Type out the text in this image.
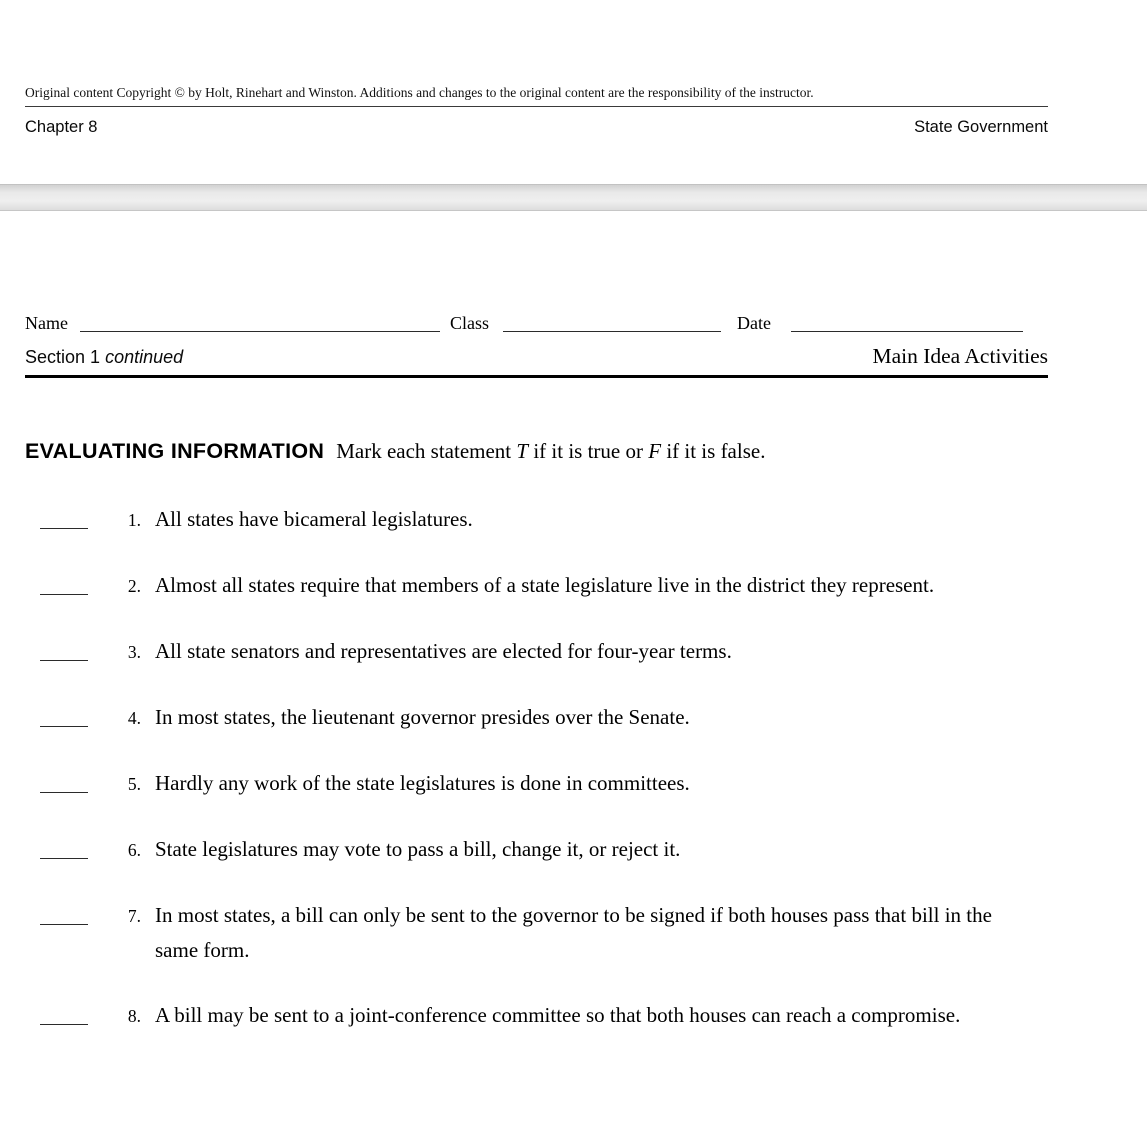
Original content Copyright © by Holt, Rinehart and Winston. Additions and changes to the original content are the responsibility of the instructor.
Chapter 8	State Government
Name	Class	Date
Section 1 continued	Main Idea Activities

EVALUATING INFORMATION Mark each statement T if it is true or F if it is false.

1. All states have bicameral legislatures.
2. Almost all states require that members of a state legislature live in the district they represent.
3. All state senators and representatives are elected for four-year terms.
4. In most states, the lieutenant governor presides over the Senate.
5. Hardly any work of the state legislatures is done in committees.
6. State legislatures may vote to pass a bill, change it, or reject it.
7. In most states, a bill can only be sent to the governor to be signed if both houses pass that bill in the same form.
8. A bill may be sent to a joint-conference committee so that both houses can reach a compromise.
